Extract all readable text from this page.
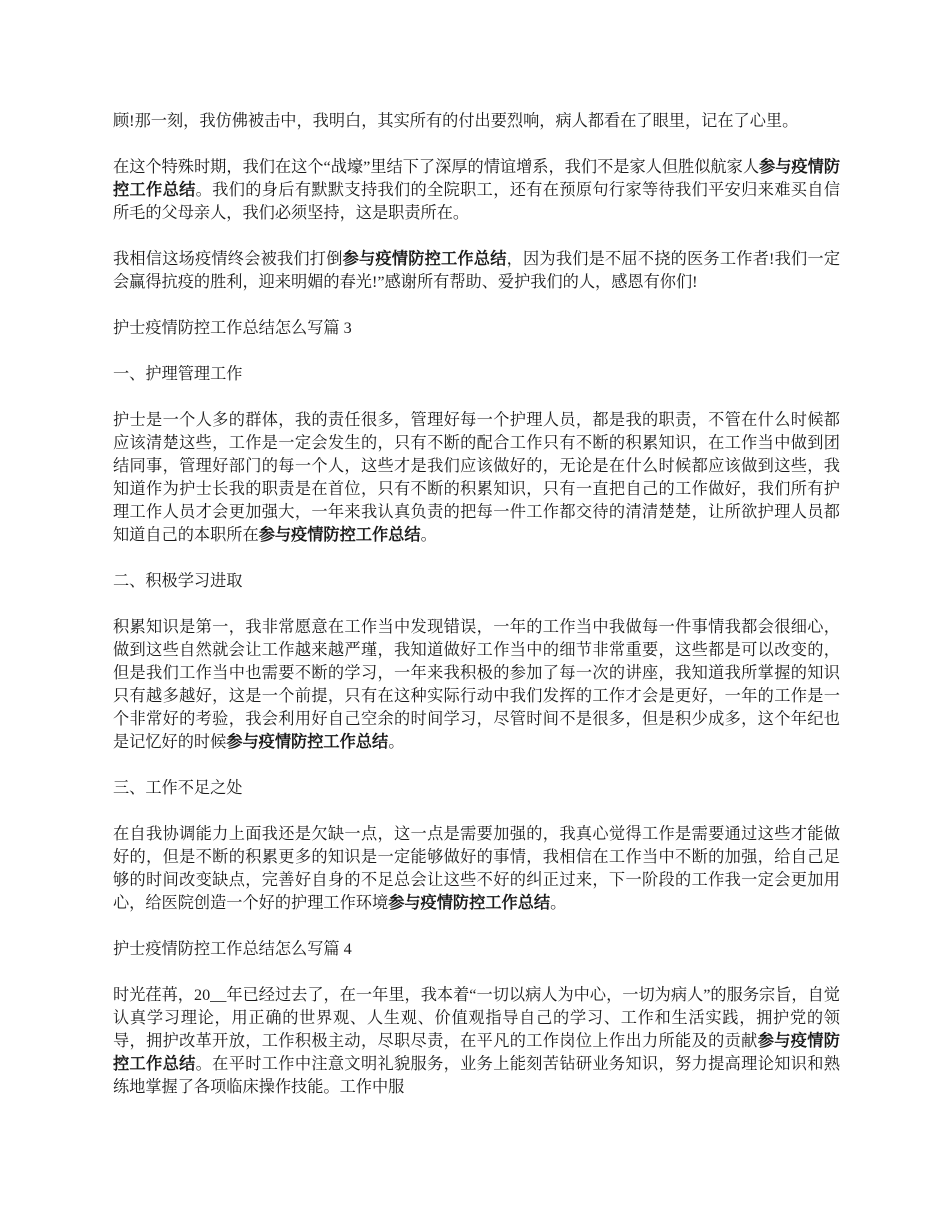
顾!那一刻，我仿佛被击中，我明白，其实所有的付出要烈响，病人都看在了眼里，记在了心里。

在这个特殊时期，我们在这个“战壕”里结下了深厚的情谊增系，我们不是家人但胜似航家人参与疫情防控工作总结。我们的身后有默默支持我们的全院职工，还有在预原句行家等待我们平安归来难买自信所毛的父母亲人，我们必须坚持，这是职责所在。

我相信这场疫情终会被我们打倒参与疫情防控工作总结，因为我们是不屈不挠的医务工作者!我们一定会赢得抗疫的胜利，迎来明媚的春光!”感谢所有帮助、爱护我们的人，感恩有你们!

护士疫情防控工作总结怎么写篇 3

一、护理管理工作

护士是一个人多的群体，我的责任很多，管理好每一个护理人员，都是我的职责，不管在什么时候都应该清楚这些，工作是一定会发生的，只有不断的配合工作只有不断的积累知识，在工作当中做到团结同事，管理好部门的每一个人，这些才是我们应该做好的，无论是在什么时候都应该做到这些，我知道作为护士长我的职责是在首位，只有不断的积累知识，只有一直把自己的工作做好，我们所有护理工作人员才会更加强大，一年来我认真负责的把每一件工作都交待的清清楚楚，让所欲护理人员都知道自己的本职所在参与疫情防控工作总结。

二、积极学习进取

积累知识是第一，我非常愿意在工作当中发现错误，一年的工作当中我做每一件事情我都会很细心，做到这些自然就会让工作越来越严瑾，我知道做好工作当中的细节非常重要，这些都是可以改变的，但是我们工作当中也需要不断的学习，一年来我积极的参加了每一次的讲座，我知道我所掌握的知识只有越多越好，这是一个前提，只有在这种实际行动中我们发挥的工作才会是更好，一年的工作是一个非常好的考验，我会利用好自己空余的时间学习，尽管时间不是很多，但是积少成多，这个年纪也是记忆好的时候参与疫情防控工作总结。

三、工作不足之处

在自我协调能力上面我还是欠缺一点，这一点是需要加强的，我真心觉得工作是需要通过这些才能做好的，但是不断的积累更多的知识是一定能够做好的事情，我相信在工作当中不断的加强，给自己足够的时间改变缺点，完善好自身的不足总会让这些不好的纠正过来，下一阶段的工作我一定会更加用心，给医院创造一个好的护理工作环境参与疫情防控工作总结。

护士疫情防控工作总结怎么写篇 4

时光荏苒，20__年已经过去了，在一年里，我本着“一切以病人为中心，一切为病人”的服务宗旨，自觉认真学习理论，用正确的世界观、人生观、价值观指导自己的学习、工作和生活实践，拥护党的领导，拥护改革开放，工作积极主动，尽职尽责，在平凡的工作岗位上作出力所能及的贡献参与疫情防控工作总结。在平时工作中注意文明礼貌服务，业务上能刻苦钻研业务知识，努力提高理论知识和熟练地掌握了各项临床操作技能。工作中服
